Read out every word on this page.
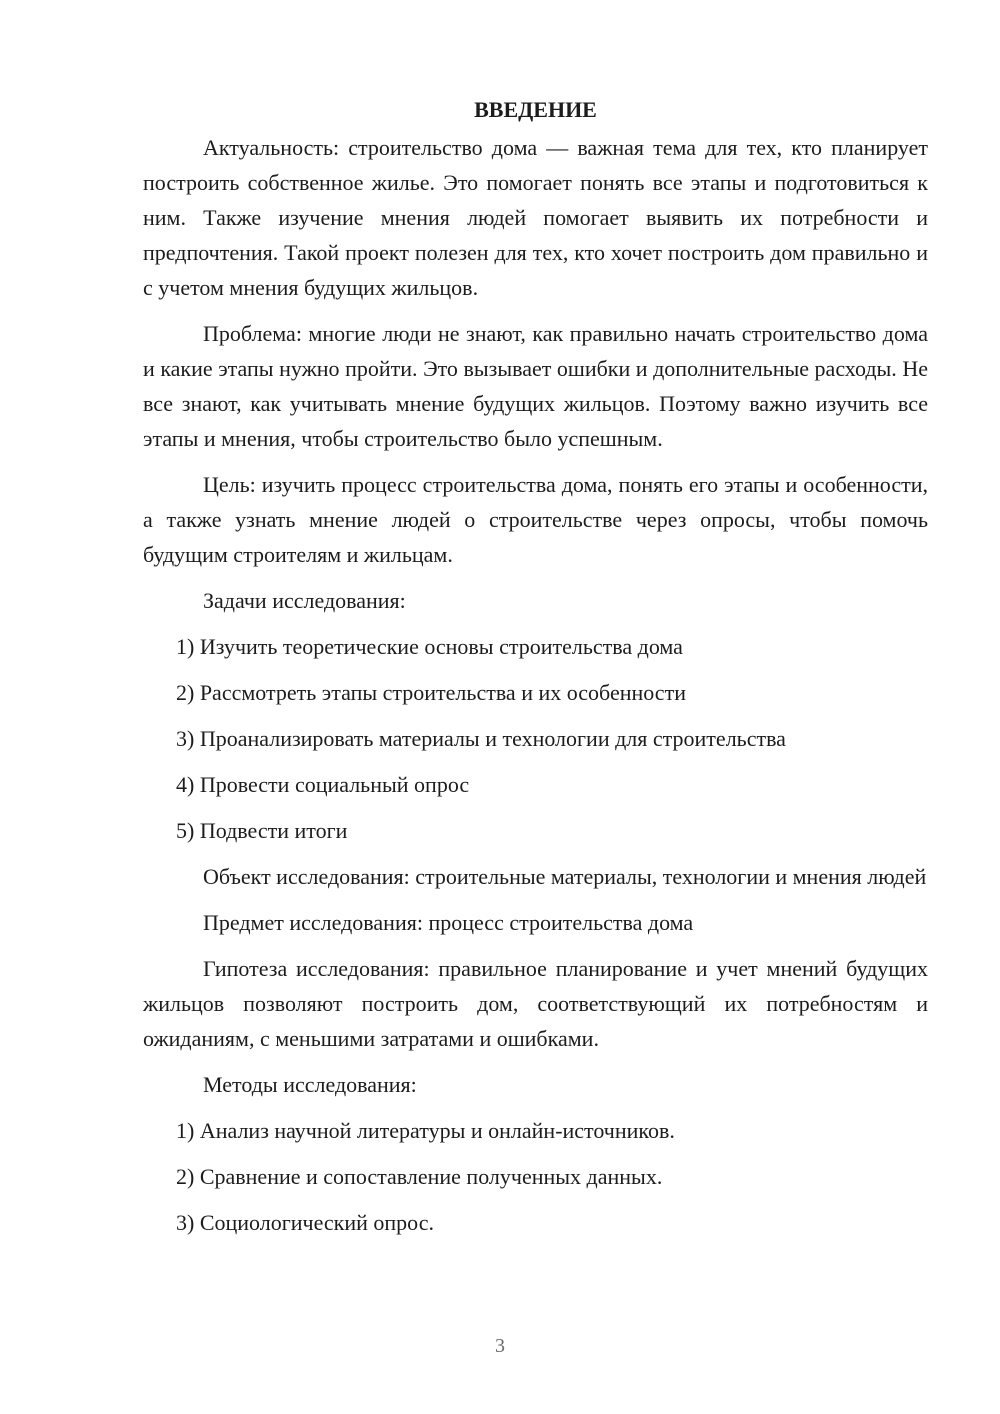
ВВЕДЕНИЕ

Актуальность: строительство дома — важная тема для тех, кто планирует построить собственное жилье. Это помогает понять все этапы и подготовиться к ним. Также изучение мнения людей помогает выявить их потребности и предпочтения. Такой проект полезен для тех, кто хочет построить дом правильно и с учетом мнения будущих жильцов.

Проблема: многие люди не знают, как правильно начать строительство дома и какие этапы нужно пройти. Это вызывает ошибки и дополнительные расходы. Не все знают, как учитывать мнение будущих жильцов. Поэтому важно изучить все этапы и мнения, чтобы строительство было успешным.

Цель: изучить процесс строительства дома, понять его этапы и особенности, а также узнать мнение людей о строительстве через опросы, чтобы помочь будущим строителям и жильцам.

Задачи исследования:
1) Изучить теоретические основы строительства дома
2) Рассмотреть этапы строительства и их особенности
3) Проанализировать материалы и технологии для строительства
4) Провести социальный опрос
5) Подвести итоги

Объект исследования: строительные материалы, технологии и мнения людей

Предмет исследования: процесс строительства дома

Гипотеза исследования: правильное планирование и учет мнений будущих жильцов позволяют построить дом, соответствующий их потребностям и ожиданиям, с меньшими затратами и ошибками.

Методы исследования:
1) Анализ научной литературы и онлайн-источников.
2) Сравнение и сопоставление полученных данных.
3) Социологический опрос.
3
